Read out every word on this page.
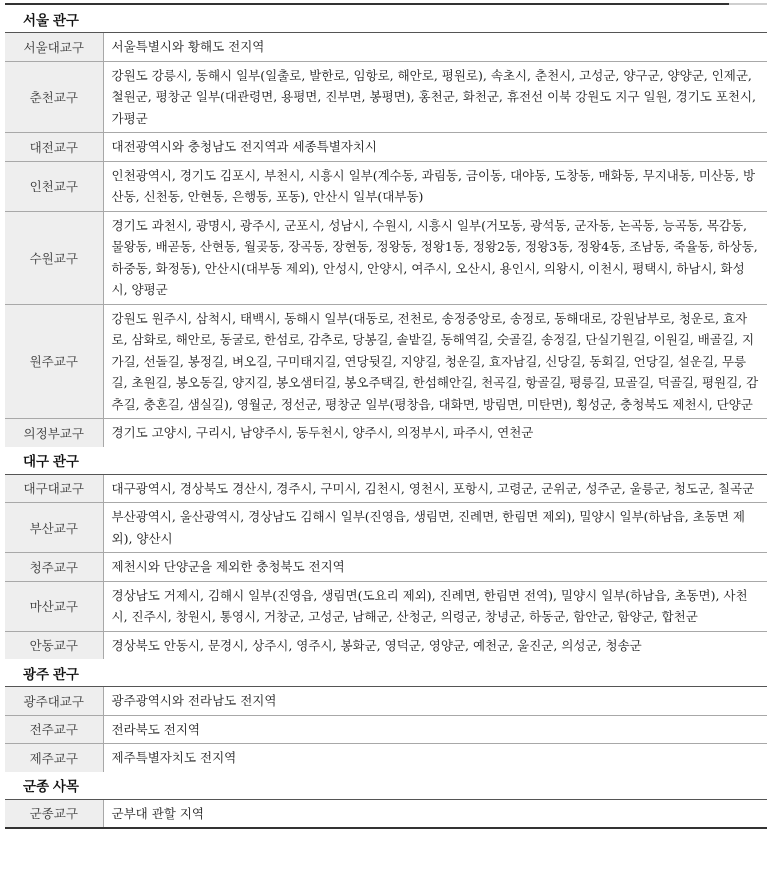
서울 관구	
서울대교구	서울특별시와 황해도 전지역
춘천교구	강원도 강릉시, 동해시 일부(일출로, 발한로, 임항로, 해안로, 평원로), 속초시, 춘천시, 고성군, 양구군, 양양군, 인제군, 철원군, 평창군 일부(대관령면, 용평면, 진부면, 봉평면), 홍천군, 화천군, 휴전선 이북 강원도 지구 일원, 경기도 포천시, 가평군
대전교구	대전광역시와 충청남도 전지역과 세종특별자치시
인천교구	인천광역시, 경기도 김포시, 부천시, 시흥시 일부(계수동, 과림동, 금이동, 대야동, 도창동, 매화동, 무지내동, 미산동, 방산동, 신천동, 안현동, 은행동, 포동), 안산시 일부(대부동)
수원교구	경기도 과천시, 광명시, 광주시, 군포시, 성남시, 수원시, 시흥시 일부(거모동, 광석동, 군자동, 논곡동, 능곡동, 목감동, 물왕동, 배곧동, 산현동, 월곶동, 장곡동, 장현동, 정왕동, 정왕1동, 정왕2동, 정왕3동, 정왕4동, 조남동, 죽율동, 하상동, 하중동, 화정동), 안산시(대부동 제외), 안성시, 안양시, 여주시, 오산시, 용인시, 의왕시, 이천시, 평택시, 하남시, 화성시, 양평군
원주교구	강원도 원주시, 삼척시, 태백시, 동해시 일부(대동로, 전천로, 송정중앙로, 송정로, 동해대로, 강원남부로, 청운로, 효자로, 삼화로, 해안로, 동굴로, 한섬로, 감추로, 당봉길, 솔밭길, 동해역길, 숫골길, 송정길, 단실기원길, 이원길, 배골길, 지가길, 선돌길, 봉정길, 벼오길, 구미태지길, 연당뒷길, 지양길, 청운길, 효자남길, 신당길, 동회길, 언당길, 설운길, 무릉길, 초원길, 봉오동길, 양지길, 봉오샘터길, 봉오주택길, 한섬해안길, 천곡길, 항골길, 평릉길, 묘골길, 덕골길, 평원길, 감추길, 충혼길, 샘실길), 영월군, 정선군, 평창군 일부(평창읍, 대화면, 방림면, 미탄면), 횡성군, 충청북도 제천시, 단양군
의정부교구	경기도 고양시, 구리시, 남양주시, 동두천시, 양주시, 의정부시, 파주시, 연천군
대구 관구	
대구대교구	대구광역시, 경상북도 경산시, 경주시, 구미시, 김천시, 영천시, 포항시, 고령군, 군위군, 성주군, 울릉군, 청도군, 칠곡군
부산교구	부산광역시, 울산광역시, 경상남도 김해시 일부(진영읍, 생림면, 진례면, 한림면 제외), 밀양시 일부(하남읍, 초동면 제외), 양산시
청주교구	제천시와 단양군을 제외한 충청북도 전지역
마산교구	경상남도 거제시, 김해시 일부(진영읍, 생림면(도요리 제외), 진례면, 한림면 전역), 밀양시 일부(하남읍, 초동면), 사천시, 진주시, 창원시, 통영시, 거창군, 고성군, 남해군, 산청군, 의령군, 창녕군, 하동군, 함안군, 함양군, 합천군
안동교구	경상북도 안동시, 문경시, 상주시, 영주시, 봉화군, 영덕군, 영양군, 예천군, 울진군, 의성군, 청송군
광주 관구	
광주대교구	광주광역시와 전라남도 전지역
전주교구	전라북도 전지역
제주교구	제주특별자치도 전지역
군종 사목	
군종교구	군부대 관할 지역
